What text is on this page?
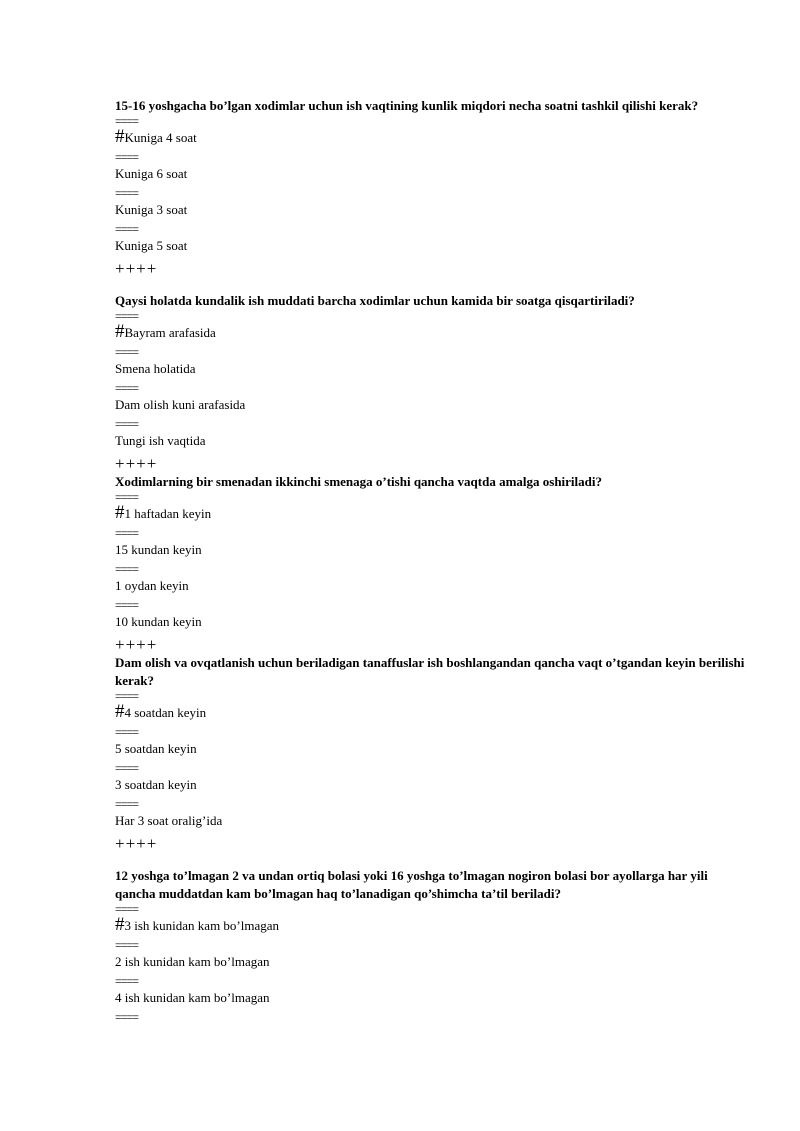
15-16 yoshgacha bo’lgan xodimlar uchun ish vaqtining kunlik miqdori necha soatni tashkil qilishi kerak?

====
#Kuniga 4 soat
====
Kuniga 6 soat
====
Kuniga 3 soat
====
Kuniga 5 soat
++++

Qaysi holatda kundalik ish muddati barcha xodimlar uchun kamida bir soatga qisqartiriladi?

====
#Bayram arafasida
====
Smena holatida
====
Dam olish kuni arafasida
====
Tungi ish vaqtida
++++

Xodimlarning bir smenadan ikkinchi smenaga o’tishi qancha vaqtda amalga oshiriladi?

====
#1 haftadan keyin
====
15 kundan keyin
====
1 oydan keyin
====
10 kundan keyin
++++

Dam olish va ovqatlanish uchun beriladigan tanaffuslar ish boshlangandan qancha vaqt o’tgandan keyin berilishi kerak?

====
#4 soatdan keyin
====
5 soatdan keyin
====
3 soatdan keyin
====
Har 3 soat oralig’ida
++++

12 yoshga to’lmagan 2 va undan ortiq bolasi yoki 16 yoshga to’lmagan nogiron bolasi bor ayollarga har yili qancha muddatdan kam bo’lmagan haq to’lanadigan qo’shimcha ta’til beriladi?

====
#3 ish kunidan kam bo’lmagan
====
2 ish kunidan kam bo’lmagan
====
4 ish kunidan kam bo’lmagan
====
